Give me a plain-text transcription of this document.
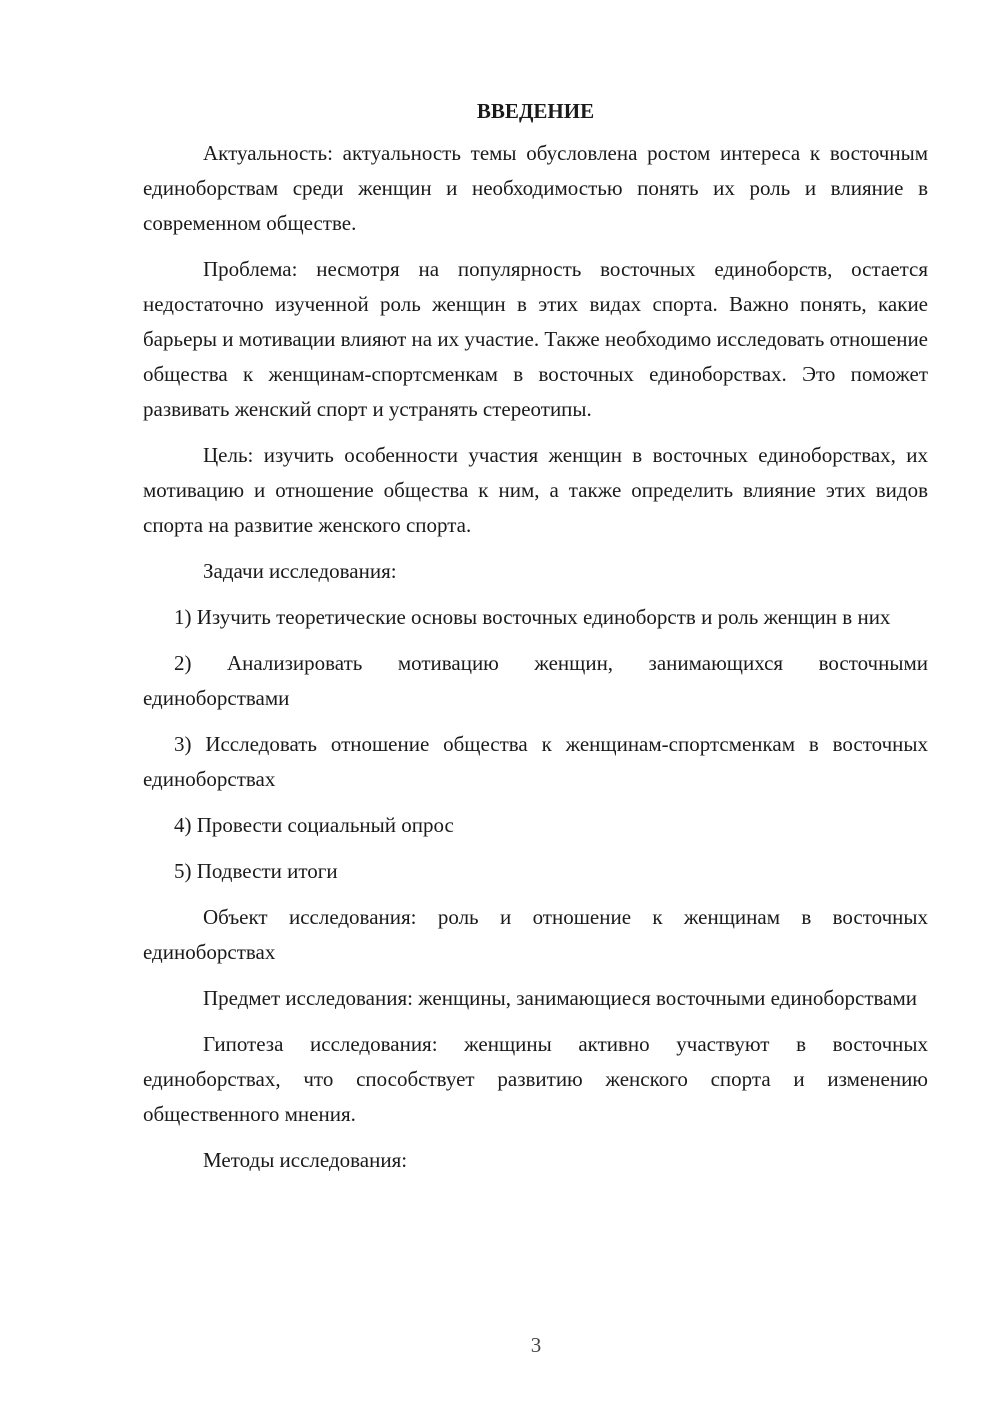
ВВЕДЕНИЕ

Актуальность: актуальность темы обусловлена ростом интереса к восточным единоборствам среди женщин и необходимостью понять их роль и влияние в современном обществе.

Проблема: несмотря на популярность восточных единоборств, остается недостаточно изученной роль женщин в этих видах спорта. Важно понять, какие барьеры и мотивации влияют на их участие. Также необходимо исследовать отношение общества к женщинам-спортсменкам в восточных единоборствах. Это поможет развивать женский спорт и устранять стереотипы.

Цель: изучить особенности участия женщин в восточных единоборствах, их мотивацию и отношение общества к ним, а также определить влияние этих видов спорта на развитие женского спорта.

Задачи исследования:

1) Изучить теоретические основы восточных единоборств и роль женщин в них

2) Анализировать мотивацию женщин, занимающихся восточными единоборствами

3) Исследовать отношение общества к женщинам-спортсменкам в восточных единоборствах

4) Провести социальный опрос

5) Подвести итоги

Объект исследования: роль и отношение к женщинам в восточных единоборствах

Предмет исследования: женщины, занимающиеся восточными единоборствами

Гипотеза исследования: женщины активно участвуют в восточных единоборствах, что способствует развитию женского спорта и изменению общественного мнения.

Методы исследования:

3
